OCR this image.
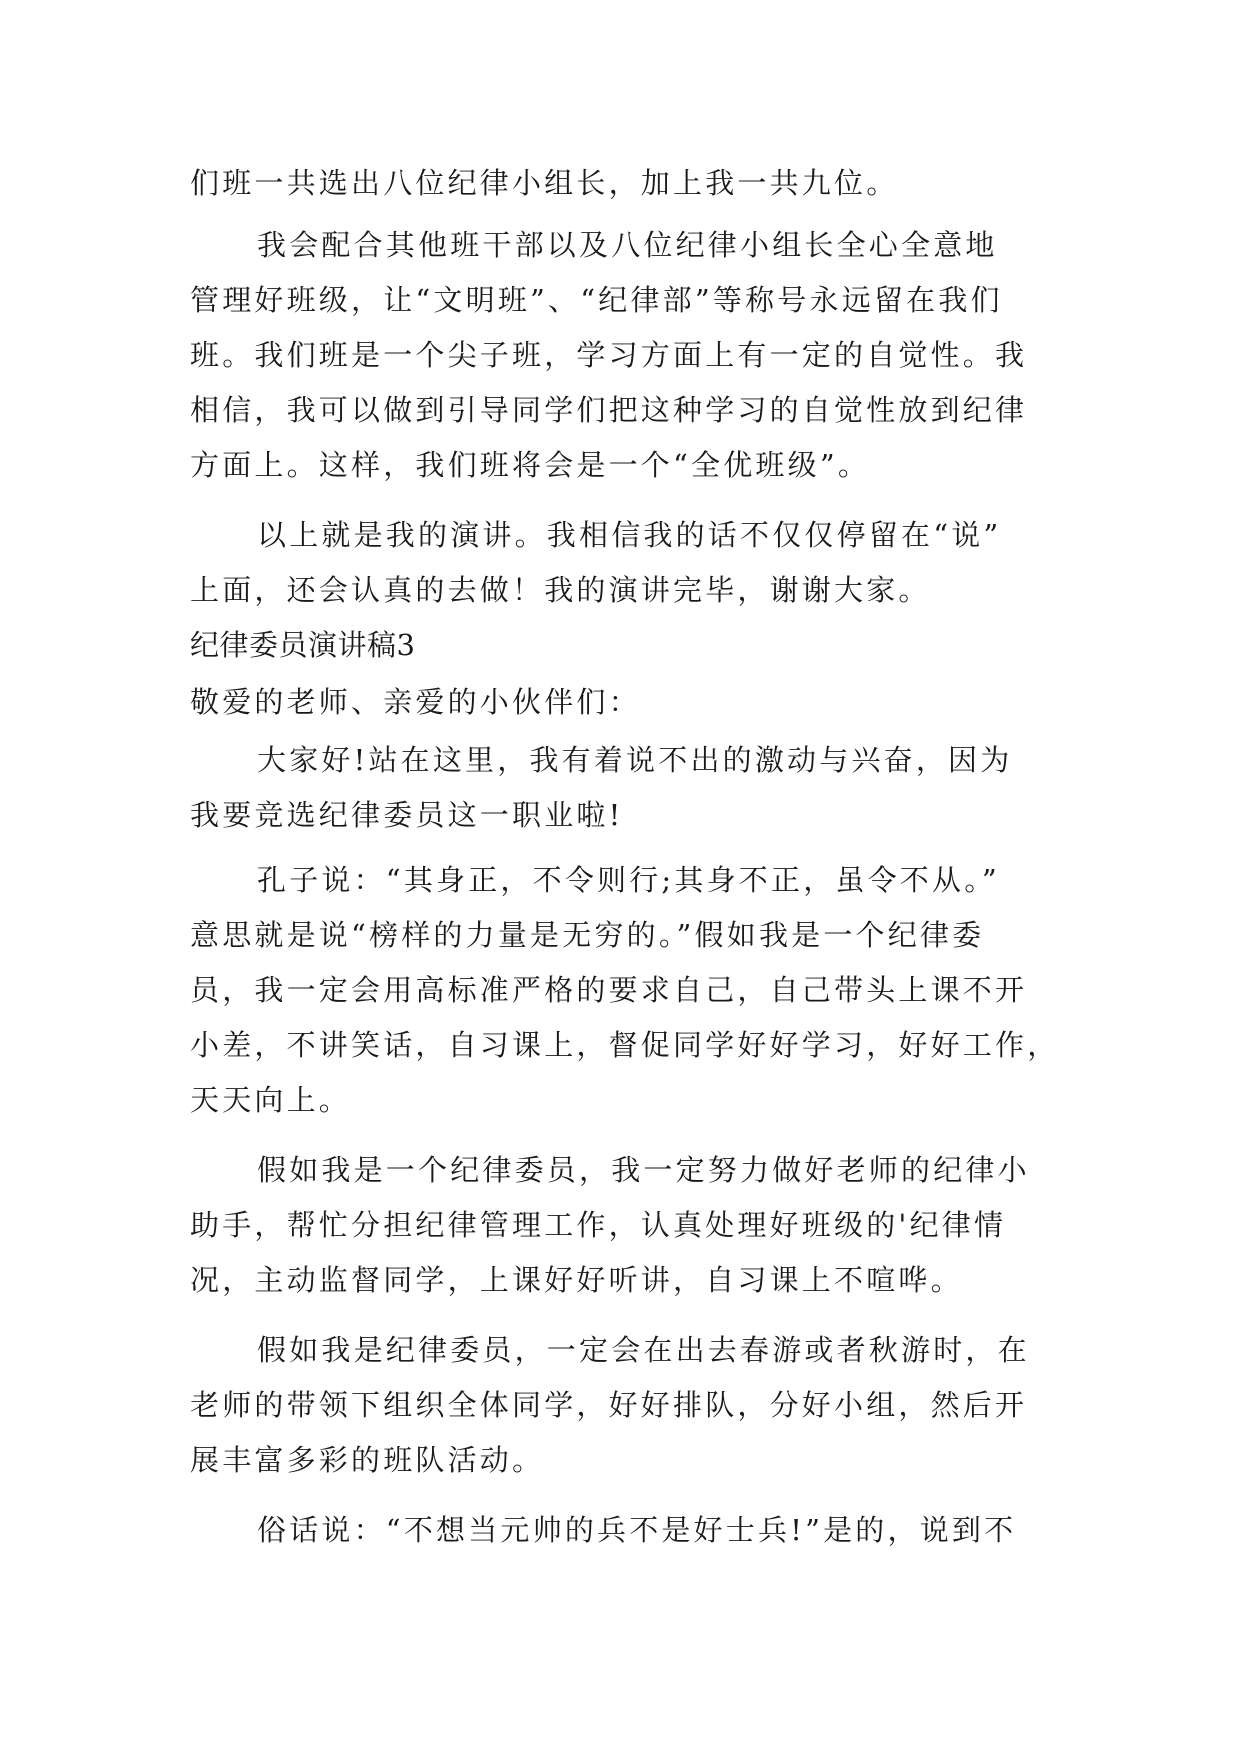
们班一共选出八位纪律小组长，加上我一共九位。
我会配合其他班干部以及八位纪律小组长全心全意地
管理好班级，让“文明班”、“纪律部”等称号永远留在我们
班。我们班是一个尖子班，学习方面上有一定的自觉性。我
相信，我可以做到引导同学们把这种学习的自觉性放到纪律
方面上。这样，我们班将会是一个“全优班级”。
以上就是我的演讲。我相信我的话不仅仅停留在“说”
上面，还会认真的去做！我的演讲完毕，谢谢大家。
纪律委员演讲稿3
敬爱的老师、亲爱的小伙伴们：
大家好!站在这里，我有着说不出的激动与兴奋，因为
我要竞选纪律委员这一职业啦!
孔子说：“其身正，不令则行;其身不正，虽令不从。”
意思就是说“榜样的力量是无穷的。”假如我是一个纪律委
员，我一定会用高标准严格的要求自己，自己带头上课不开
小差，不讲笑话，自习课上，督促同学好好学习，好好工作，
天天向上。
假如我是一个纪律委员，我一定努力做好老师的纪律小
助手，帮忙分担纪律管理工作，认真处理好班级的'纪律情
况，主动监督同学，上课好好听讲，自习课上不喧哗。
假如我是纪律委员，一定会在出去春游或者秋游时，在
老师的带领下组织全体同学，好好排队，分好小组，然后开
展丰富多彩的班队活动。
俗话说：“不想当元帅的兵不是好士兵!”是的，说到不
